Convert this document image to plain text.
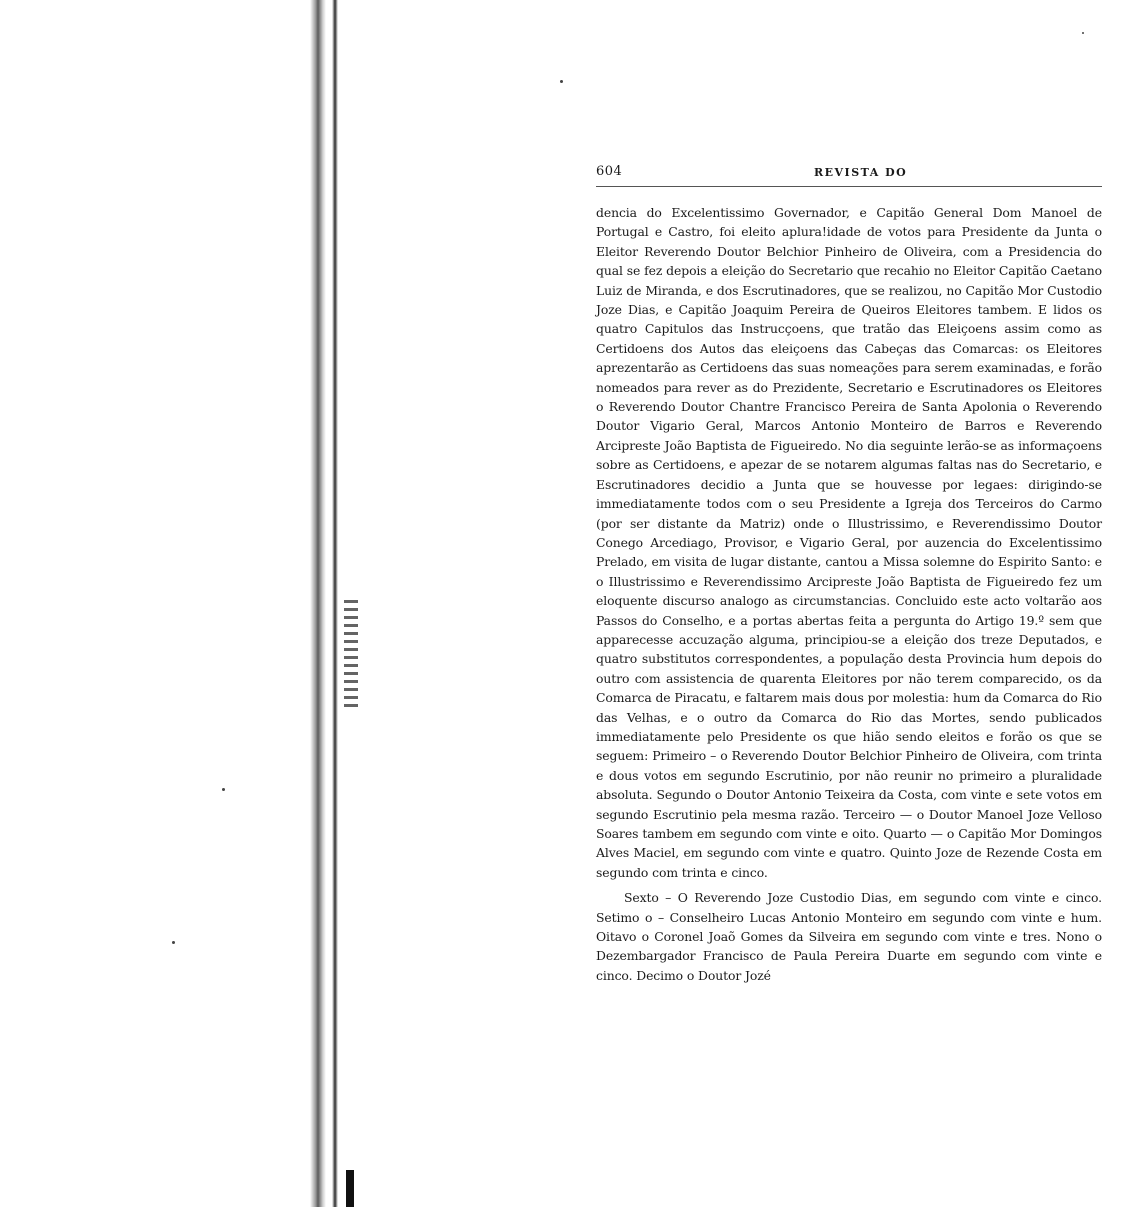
604	REVISTA DO

dencia do Excelentissimo Governador, e Capitão General Dom Manoel de Portugal e Castro, foi eleito aplura!idade de votos para Presidente da Junta o Eleitor Reverendo Doutor Belchior Pinheiro de Oliveira, com a Presidencia do qual se fez depois a eleição do Secretario que recahio no Eleitor Capitão Caetano Luiz de Miranda, e dos Escrutinadores, que se realizou, no Capitão Mor Custodio Joze Dias, e Capitão Joaquim Pereira de Queiros Eleitores tambem. E lidos os quatro Capitulos das Instrucçoens, que tratão das Eleiçoens assim como as Certidoens dos Autos das eleiçoens das Cabeças das Comarcas: os Eleitores aprezentarão as Certidoens das suas nomeações para serem examinadas, e forão nomeados para rever as do Prezidente, Secretario e Escrutinadores os Eleitores o Reverendo Doutor Chantre Francisco Pereira de Santa Apolonia o Reverendo Doutor Vigario Geral, Marcos Antonio Monteiro de Barros e Reverendo Arcipreste João Baptista de Figueiredo. No dia seguinte lerão-se as informaçoens sobre as Certidoens, e apezar de se notarem algumas faltas nas do Secretario, e Escrutinadores decidio a Junta que se houvesse por legaes: dirigindo-se immediatamente todos com o seu Presidente a Igreja dos Terceiros do Carmo (por ser distante da Matriz) onde o Illustrissimo, e Reverendissimo Doutor Conego Arcediago, Provisor, e Vigario Geral, por auzencia do Excelentissimo Prelado, em visita de lugar distante, cantou a Missa solemne do Espirito Santo: e o Illustrissimo e Reverendissimo Arcipreste João Baptista de Figueiredo fez um eloquente discurso analogo as circumstancias. Concluido este acto voltarão aos Passos do Conselho, e a portas abertas feita a pergunta do Artigo 19.º sem que apparecesse accuzação alguma, principiou-se a eleição dos treze Deputados, e quatro substitutos correspondentes, a população desta Provincia hum depois do outro com assistencia de quarenta Eleitores por não terem comparecido, os da Comarca de Piracatu, e faltarem mais dous por molestia: hum da Comarca do Rio das Velhas, e o outro da Comarca do Rio das Mortes, sendo publicados immediatamente pelo Presidente os que hião sendo eleitos e forão os que se seguem: Primeiro – o Reverendo Doutor Belchior Pinheiro de Oliveira, com trinta e dous votos em segundo Escrutinio, por não reunir no primeiro a pluralidade absoluta. Segundo o Doutor Antonio Teixeira da Costa, com vinte e sete votos em segundo Escrutinio pela mesma razão. Terceiro — o Doutor Manoel Joze Velloso Soares tambem em segundo com vinte e oito. Quarto — o Capitão Mor Domingos Alves Maciel, em segundo com vinte e quatro. Quinto Joze de Rezende Costa em segundo com trinta e cinco.

Sexto – O Reverendo Joze Custodio Dias, em segundo com vinte e cinco. Setimo o – Conselheiro Lucas Antonio Monteiro em segundo com vinte e hum. Oitavo o Coronel Joaõ Gomes da Silveira em segundo com vinte e tres. Nono o Dezembargador Francisco de Paula Pereira Duarte em segundo com vinte e cinco. Decimo o Doutor Jozé
